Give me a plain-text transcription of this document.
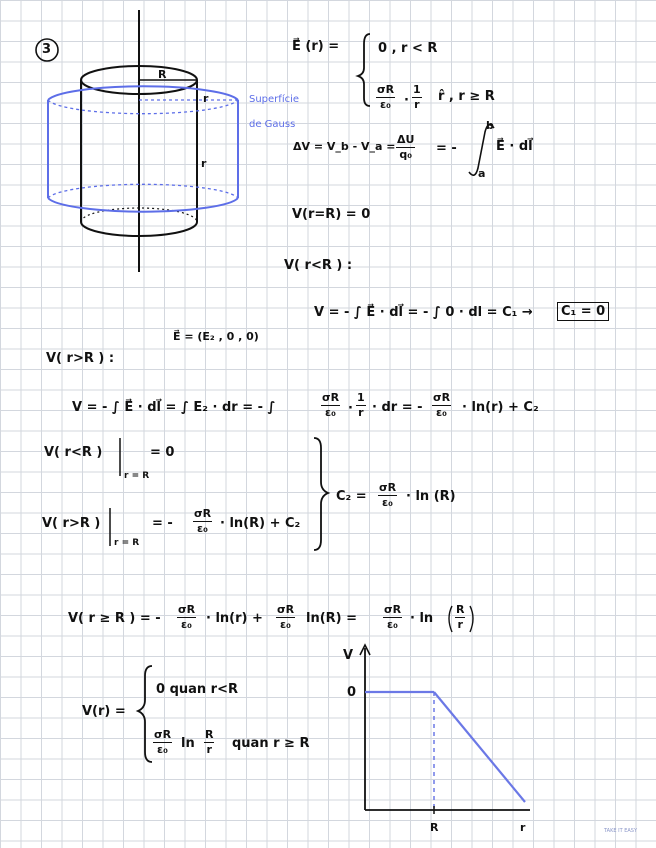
3
R
r
r
Superfície
de Gauss
E⃗ (r) =	0 , r < R
$\frac{\sigma R}{\text{ε₀}} \cdot \frac{1}{r}$ r̂ , r ≥ R
ΔV = V_b - V_a = $\frac{\Delta U}{\text{q₀}}$ = -
b
a
E⃗ · dl⃗
V(r=R) = 0
V( r<R ) :
V = - ∫ E⃗ · dl⃗ = - ∫ 0 · dl = C₁ →	C₁ = 0
E⃗ = (E₂ , 0 , 0)
V( r>R ) :
V = - ∫ E⃗ · dl⃗ = ∫ E₂ · dr = - ∫	$\frac{\sigma R}{\text{ε₀}} \cdot \frac{1}{r}$ · dr = - $\frac{\sigma R}{\text{ε₀}} \cdot \ln(r) + C_2$
V( r<R )	= 0
r = R
V( r>R )	= - $\frac{\sigma R}{\text{ε₀}} \cdot \ln(R) + C_2$
r = R
$C_2 = \frac{\sigma R}{\text{ε₀}} \cdot \ln (R)$
V( r ≥ R ) = - $\frac{\sigma R}{\text{ε₀}} \cdot \ln(r) + \frac{\sigma R}{\text{ε₀}} \ln(R) = \frac{\sigma R}{\text{ε₀}} \cdot \ln \frac{R}{r}$
V(r) =
0 quan r<R
$\frac{\sigma R}{\text{ε₀}}$ $\ln \frac{R}{r}$ quan r ≥ R
V
0
R	r	TAKE IT EASY
